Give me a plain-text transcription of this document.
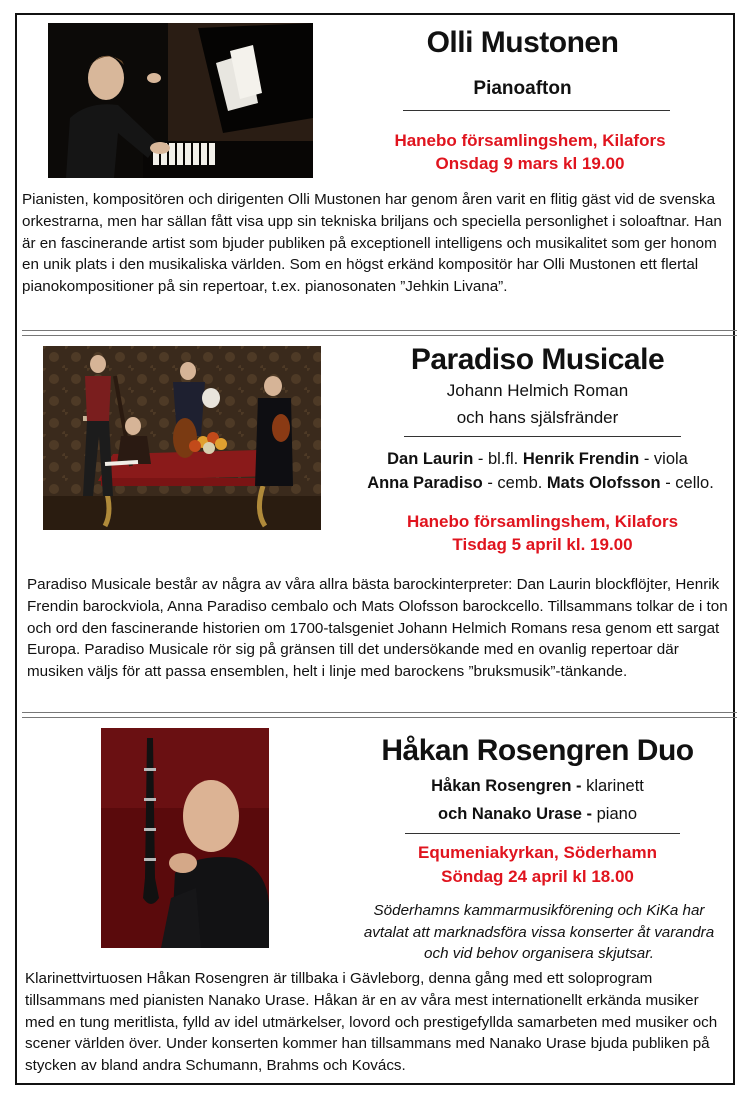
Olli Mustonen
Pianoafton
Hanebo församlingshem, Kilafors
Onsdag 9 mars kl 19.00
Pianisten, kompositören och dirigenten Olli Mustonen har genom åren varit en flitig gäst vid de svenska orkestrarna, men har sällan fått visa upp sin tekniska briljans och speciella personlighet i soloaftnar. Han är en fascinerande artist som bjuder publiken på exceptionell intelligens och musikalitet som ger honom en unik plats i den musikaliska världen. Som en högst erkänd kompositör har Olli Mustonen ett flertal pianokompositioner på sin repertoar, t.ex. pianosonaten ”Jehkin Livana”.
Paradiso Musicale
Johann Helmich Roman
och hans själsfränder
Dan Laurin - bl.fl. Henrik Frendin - viola
Anna Paradiso - cemb. Mats Olofsson - cello.
Hanebo församlingshem, Kilafors
Tisdag 5 april kl. 19.00
Paradiso Musicale består av några av våra allra bästa barockinterpreter: Dan Laurin blockflöjter, Henrik Frendin barockviola, Anna Paradiso cembalo och Mats Olofsson barockcello. Tillsammans tolkar de i ton och ord den fascinerande historien om 1700-talsgeniet Johann Helmich Romans resa genom ett sargat Europa. Paradiso Musicale rör sig på gränsen till det undersökande med en ovanlig repertoar där musiken väljs för att passa ensemblen, helt i linje med barockens ”bruksmusik”-tänkande.
Håkan Rosengren Duo
Håkan Rosengren - klarinett
och Nanako Urase - piano
Equmeniakyrkan, Söderhamn
Söndag 24 april kl 18.00
Söderhamns kammarmusikförening och KiKa har avtalat att marknadsföra vissa konserter åt varandra och vid behov organisera skjutsar.
Klarinettvirtuosen Håkan Rosengren är tillbaka i Gävleborg, denna gång med ett soloprogram tillsammans med pianisten Nanako Urase. Håkan är en av våra mest internationellt erkända musiker med en tung meritlista, fylld av idel utmärkelser, lovord och prestigefyllda samarbeten med musiker och scener världen över. Under konserten kommer han tillsammans med Nanako Urase bjuda publiken på stycken av bland andra Schumann, Brahms och Kovács.
